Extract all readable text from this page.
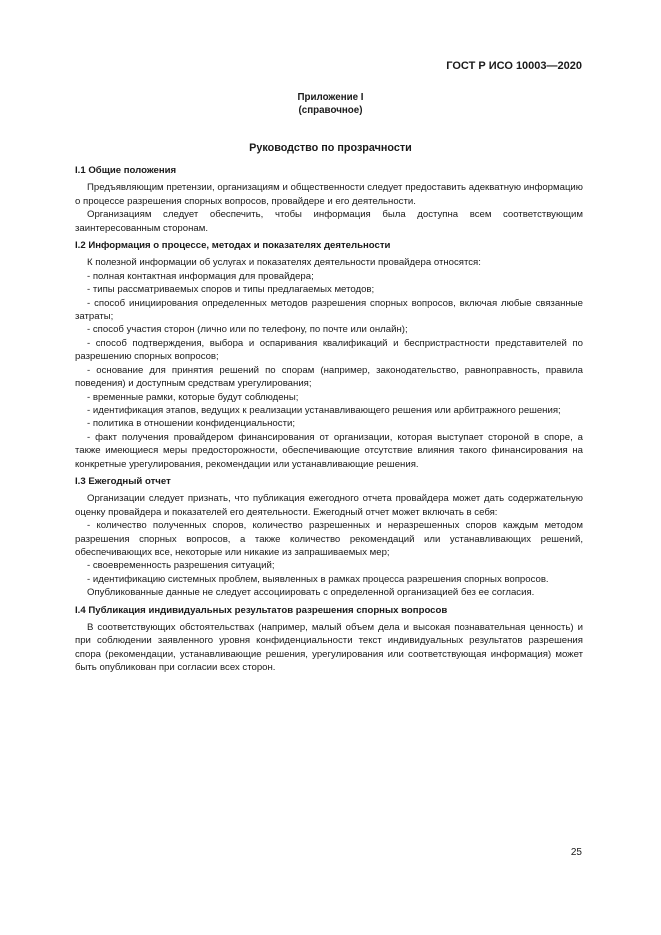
ГОСТ Р ИСО 10003—2020
Приложение I
(справочное)
Руководство по прозрачности
I.1 Общие положения

Предъявляющим претензии, организациям и общественности следует предоставить адекватную информацию о процессе разрешения спорных вопросов, провайдере и его деятельности.

Организациям следует обеспечить, чтобы информация была доступна всем соответствующим заинтересованным сторонам.

I.2 Информация о процессе, методах и показателях деятельности

К полезной информации об услугах и показателях деятельности провайдера относятся:

- полная контактная информация для провайдера;

- типы рассматриваемых споров и типы предлагаемых методов;

- способ инициирования определенных методов разрешения спорных вопросов, включая любые связанные затраты;

- способ участия сторон (лично или по телефону, по почте или онлайн);

- способ подтверждения, выбора и оспаривания квалификаций и беспристрастности представителей по разрешению спорных вопросов;

- основание для принятия решений по спорам (например, законодательство, равноправность, правила поведения) и доступным средствам урегулирования;

- временные рамки, которые будут соблюдены;

- идентификация этапов, ведущих к реализации устанавливающего решения или арбитражного решения;

- политика в отношении конфиденциальности;

- факт получения провайдером финансирования от организации, которая выступает стороной в споре, а также имеющиеся меры предосторожности, обеспечивающие отсутствие влияния такого финансирования на конкретные урегулирования, рекомендации или устанавливающие решения.

I.3 Ежегодный отчет

Организации следует признать, что публикация ежегодного отчета провайдера может дать содержательную оценку провайдера и показателей его деятельности. Ежегодный отчет может включать в себя:

- количество полученных споров, количество разрешенных и неразрешенных споров каждым методом разрешения спорных вопросов, а также количество рекомендаций или устанавливающих решений, обеспечивающих все, некоторые или никакие из запрашиваемых мер;

- своевременность разрешения ситуаций;

- идентификацию системных проблем, выявленных в рамках процесса разрешения спорных вопросов.

Опубликованные данные не следует ассоциировать с определенной организацией без ее согласия.

I.4 Публикация индивидуальных результатов разрешения спорных вопросов

В соответствующих обстоятельствах (например, малый объем дела и высокая познавательная ценность) и при соблюдении заявленного уровня конфиденциальности текст индивидуальных результатов разрешения спора (рекомендации, устанавливающие решения, урегулирования или соответствующая информация) может быть опубликован при согласии всех сторон.

25
